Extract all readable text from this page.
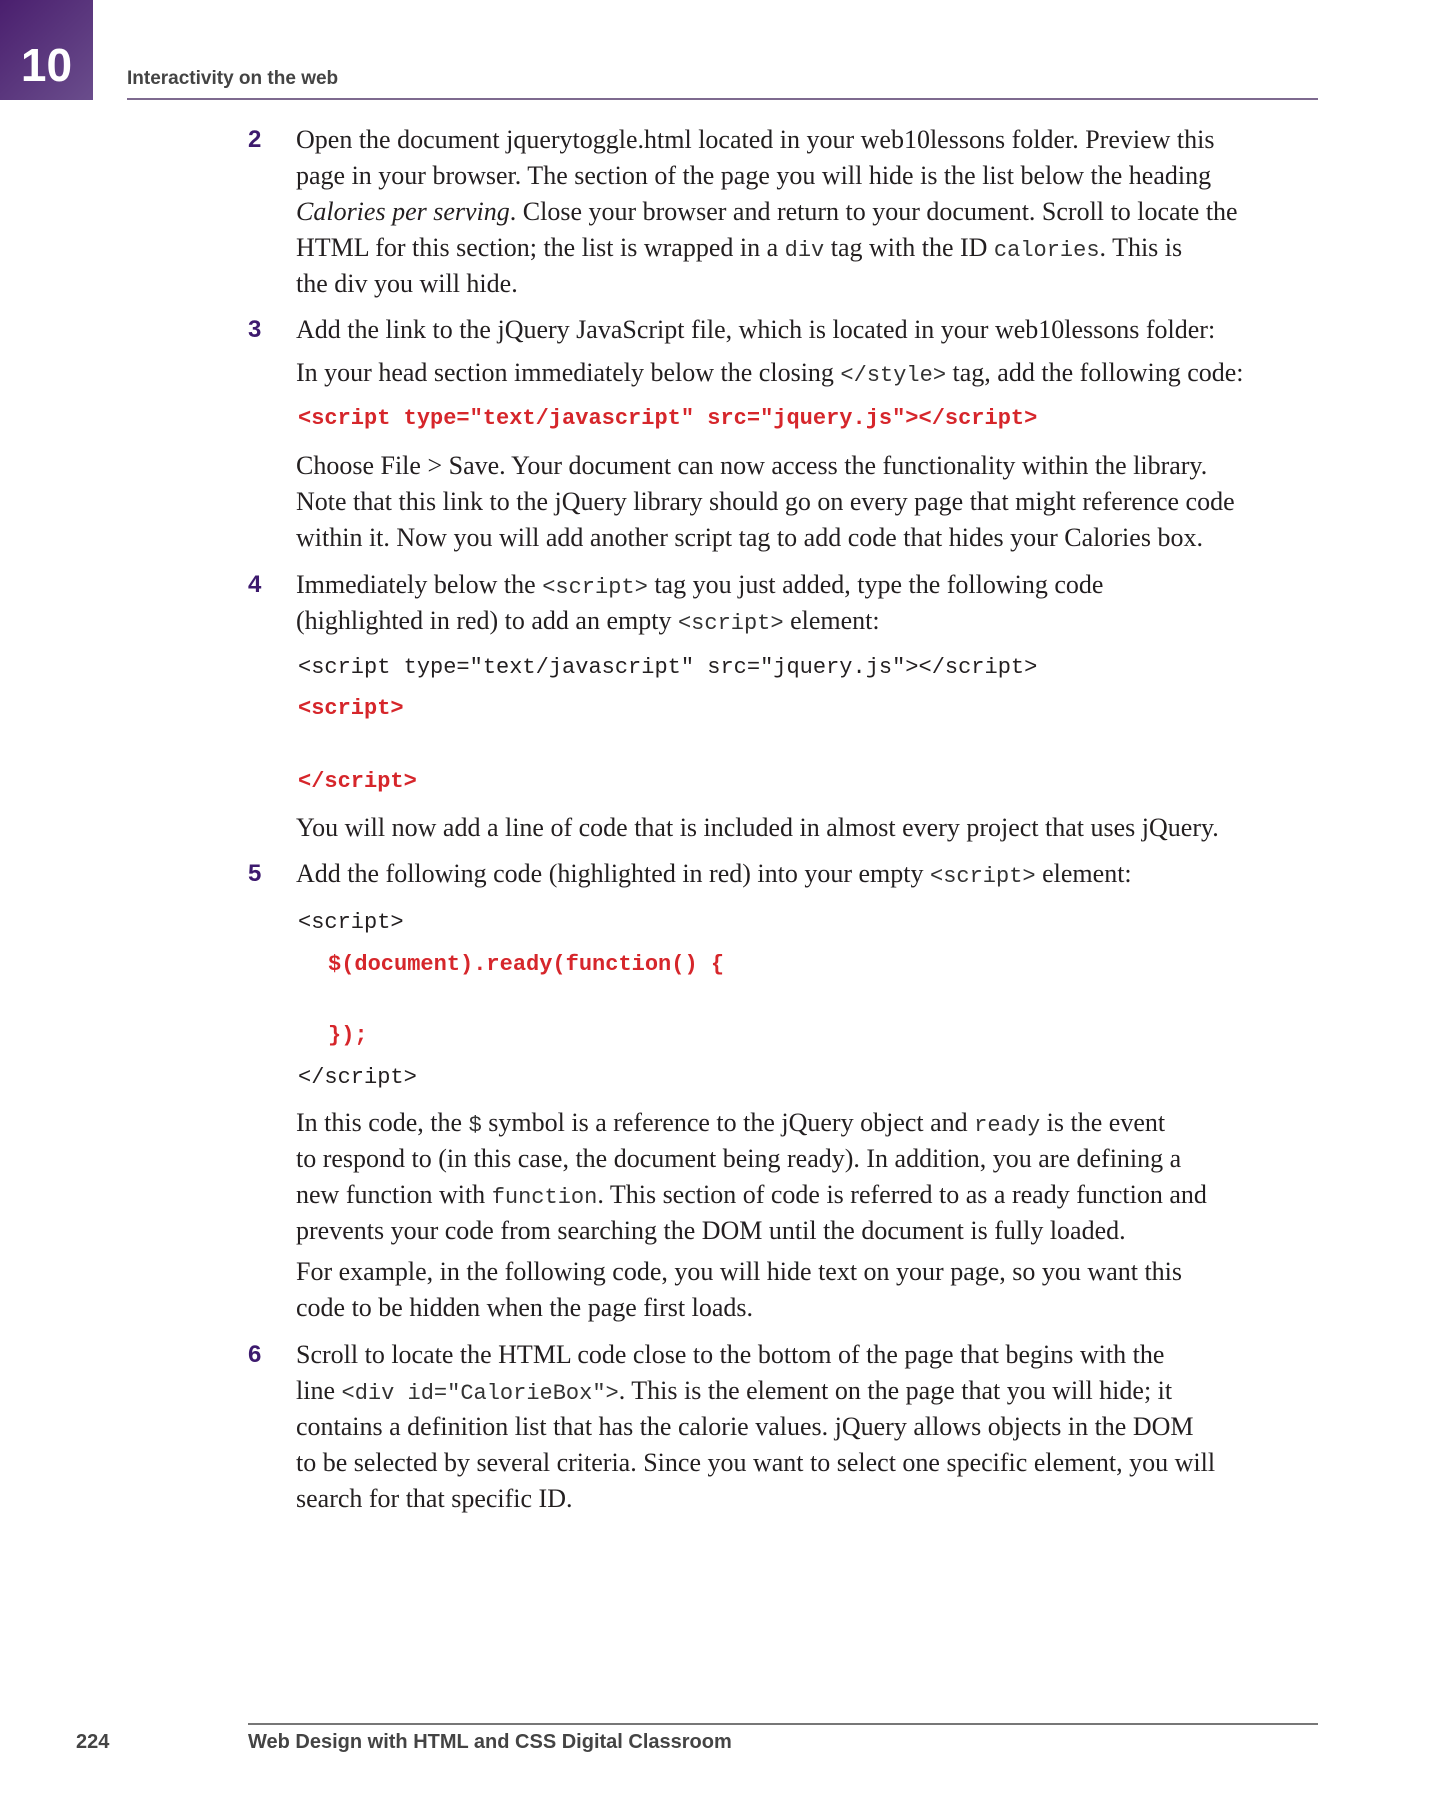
10	Interactivity on the web
2 Open the document jquerytoggle.html located in your web10lessons folder. Preview this
page in your browser. The section of the page you will hide is the list below the heading
Calories per serving. Close your browser and return to your document. Scroll to locate the
HTML for this section; the list is wrapped in a div tag with the ID calories. This is
the div you will hide.
3 Add the link to the jQuery JavaScript file, which is located in your web10lessons folder:
In your head section immediately below the closing </style> tag, add the following code:
<script type="text/javascript" src="jquery.js"></script>
Choose File > Save. Your document can now access the functionality within the library.
Note that this link to the jQuery library should go on every page that might reference code
within it. Now you will add another script tag to add code that hides your Calories box.
4 Immediately below the <script> tag you just added, type the following code
(highlighted in red) to add an empty <script> element:
<script type="text/javascript" src="jquery.js"></script>
<script>
</script>
You will now add a line of code that is included in almost every project that uses jQuery.
5 Add the following code (highlighted in red) into your empty <script> element:
<script>
$(document).ready(function() {
});
</script>
In this code, the $ symbol is a reference to the jQuery object and ready is the event
to respond to (in this case, the document being ready). In addition, you are defining a
new function with function. This section of code is referred to as a ready function and
prevents your code from searching the DOM until the document is fully loaded.
For example, in the following code, you will hide text on your page, so you want this
code to be hidden when the page first loads.
6 Scroll to locate the HTML code close to the bottom of the page that begins with the
line <div id="CalorieBox">. This is the element on the page that you will hide; it
contains a definition list that has the calorie values. jQuery allows objects in the DOM
to be selected by several criteria. Since you want to select one specific element, you will
search for that specific ID.
224	Web Design with HTML and CSS Digital Classroom
